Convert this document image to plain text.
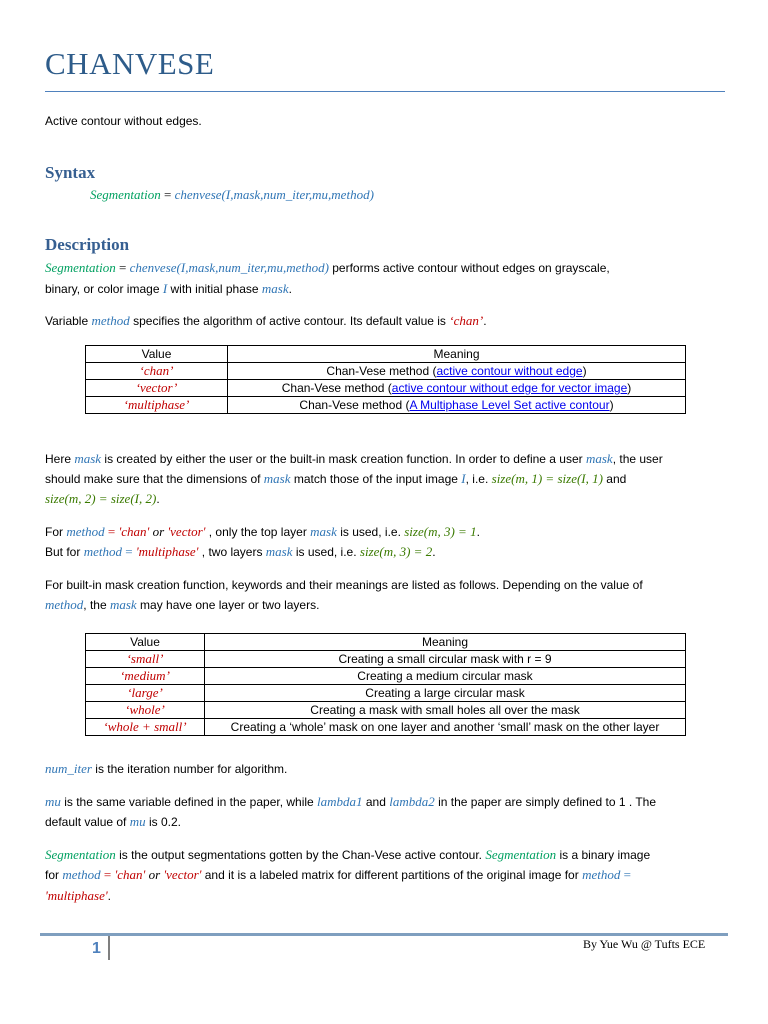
CHANVESE
Active contour without edges.
Syntax
Segmentation = chenvese(I,mask,num_iter,mu,method)
Description
Segmentation = chenvese(I,mask,num_iter,mu,method) performs active contour without edges on grayscale,
binary, or color image I with initial phase mask.
Variable method specifies the algorithm of active contour. Its default value is ‘chan’.
Value	Meaning
‘chan’	Chan-Vese method (active contour without edge)
‘vector’	Chan-Vese method (active contour without edge for vector image)
‘multiphase’	Chan-Vese method (A Multiphase Level Set active contour)
Here mask is created by either the user or the built-in mask creation function. In order to define a user mask, the user
should make sure that the dimensions of mask match those of the input image I, i.e. size(m, 1) = size(I, 1) and
size(m, 2) = size(I, 2).
For method = 'chan' or 'vector' , only the top layer mask is used, i.e. size(m, 3) = 1.
But for method = 'multiphase' , two layers mask is used, i.e. size(m, 3) = 2.
For built-in mask creation function, keywords and their meanings are listed as follows. Depending on the value of
method, the mask may have one layer or two layers.
Value	Meaning
‘small’	Creating a small circular mask with r = 9
‘medium’	Creating a medium circular mask
‘large’	Creating a large circular mask
‘whole’	Creating a mask with small holes all over the mask
‘whole + small’	Creating a ‘whole’ mask on one layer and another ‘small’ mask on the other layer
num_iter is the iteration number for algorithm.
mu is the same variable defined in the paper, while lambda1 and lambda2 in the paper are simply defined to 1 . The
default value of mu is 0.2.
Segmentation is the output segmentations gotten by the Chan-Vese active contour. Segmentation is a binary image
for method = 'chan' or 'vector' and it is a labeled matrix for different partitions of the original image for method =
'multiphase'.
1	By Yue Wu @ Tufts ECE
